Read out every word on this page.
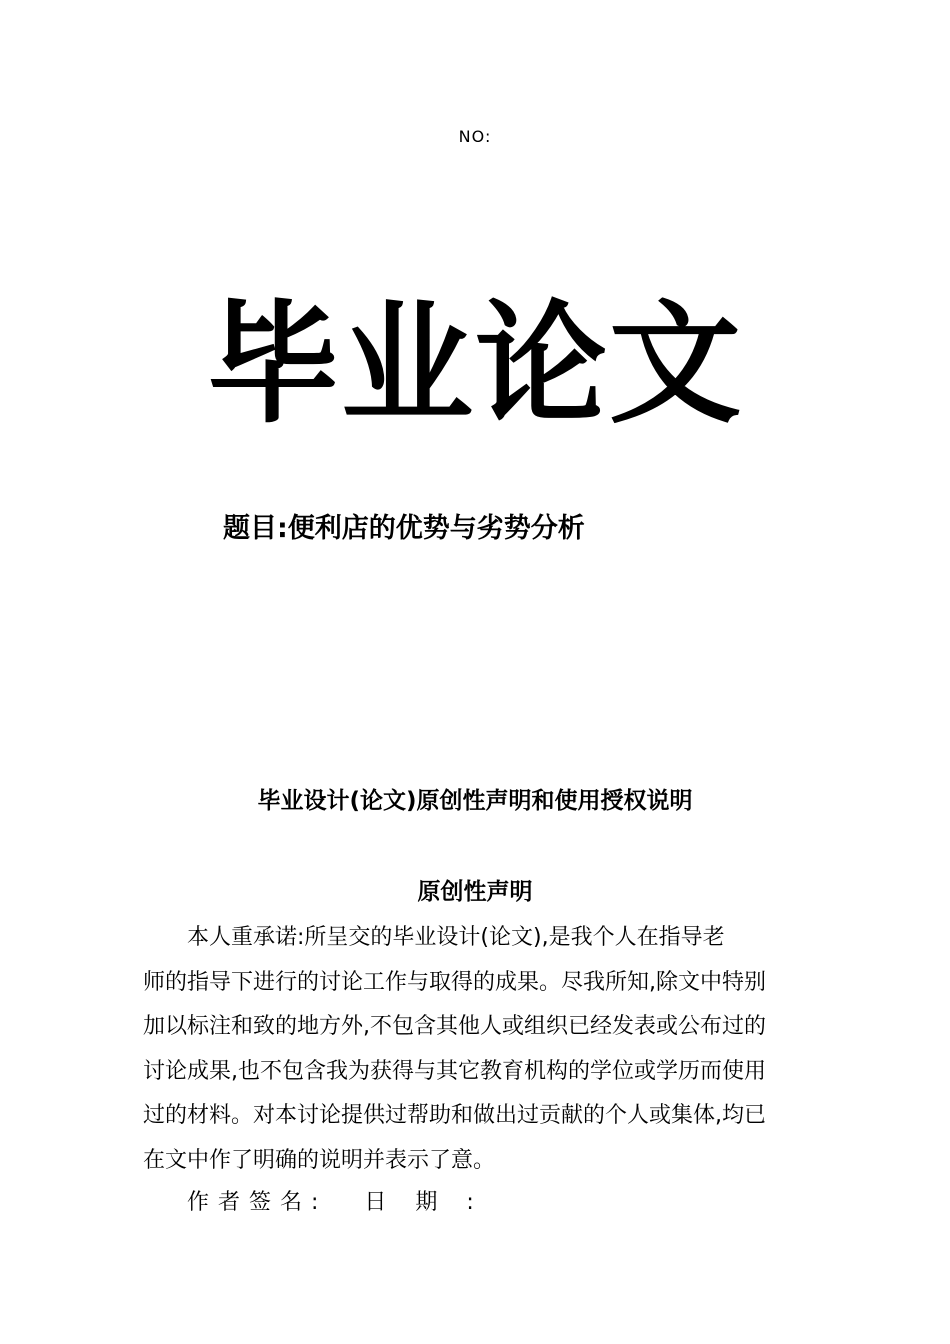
NO:
毕业论文
题目:便利店的优势与劣势分析
毕业设计(论文)原创性声明和使用授权说明
原创性声明
本人重承诺:所呈交的毕业设计(论文),是我个人在指导老
师的指导下进行的讨论工作与取得的成果。尽我所知,除文中特别
加以标注和致的地方外,不包含其他人或组织已经发表或公布过的
讨论成果,也不包含我为获得与其它教育机构的学位或学历而使用
过的材料。对本讨论提供过帮助和做出过贡献的个人或集体,均已
在文中作了明确的说明并表示了意。
作者签名: 日期:
